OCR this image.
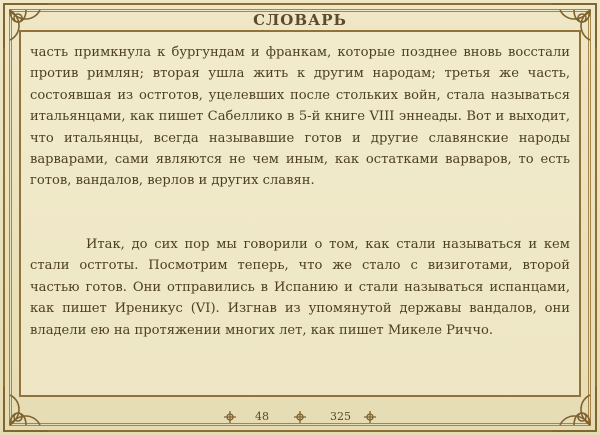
СЛОВАРЬ
часть примкнула к бургундам и франкам, которые позднее вновь восстали против римлян; вторая ушла жить к другим народам; третья же часть, состоявшая из остготов, уцелевших после стольких войн, стала называться итальянцами, как пишет Сабеллико в 5-й книге VIII эннеады. Вот и выходит, что итальянцы, всегда называвшие готов и другие славянские народы варварами, сами являются не чем иным, как остатками варваров, то есть готов, вандалов, верлов и других славян.
Итак, до сих пор мы говорили о том, как стали называться и кем стали остготы. Посмотрим теперь, что же стало с визиготами, второй частью готов. Они отправились в Испанию и стали называться испанцами, как пишет Иреникус (VI). Изгнав из упомянутой державы вандалов, они владели ею на протяжении многих лет, как пишет Микеле Риччо.
48	325
